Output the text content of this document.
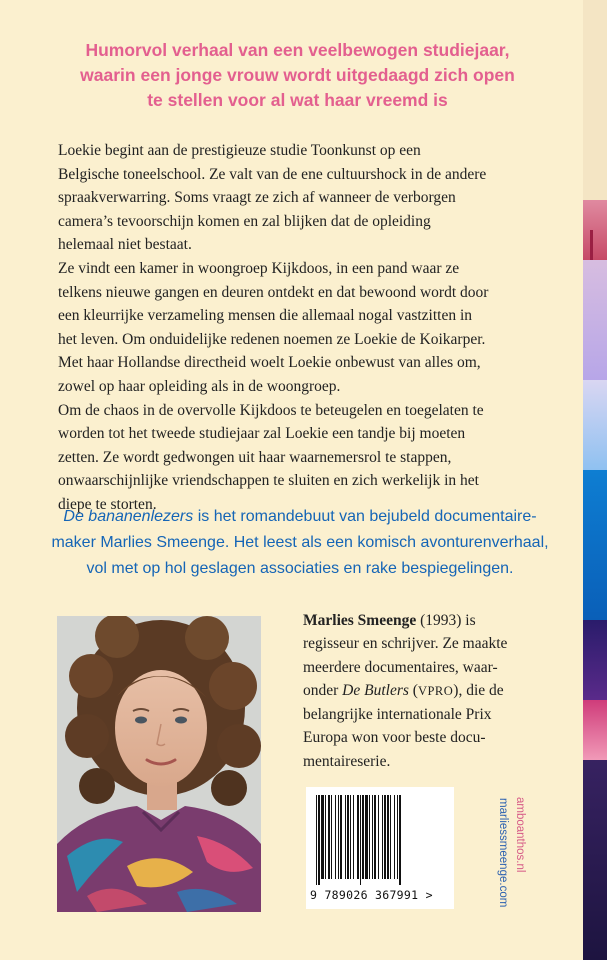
Humorvol verhaal van een veelbewogen studiejaar,
waarin een jonge vrouw wordt uitgedaagd zich open
te stellen voor al wat haar vreemd is
Loekie begint aan de prestigieuze studie Toonkunst op een
Belgische toneelschool. Ze valt van de ene cultuurshock in de andere
spraakverwarring. Soms vraagt ze zich af wanneer de verborgen
camera’s tevoorschijn komen en zal blijken dat de opleiding
helemaal niet bestaat.
Ze vindt een kamer in woongroep Kijkdoos, in een pand waar ze
telkens nieuwe gangen en deuren ontdekt en dat bewoond wordt door
een kleurrijke verzameling mensen die allemaal nogal vastzitten in
het leven. Om onduidelijke redenen noemen ze Loekie de Koikarper.
Met haar Hollandse directheid woelt Loekie onbewust van alles om,
zowel op haar opleiding als in de woongroep.
Om de chaos in de overvolle Kijkdoos te beteugelen en toegelaten te
worden tot het tweede studiejaar zal Loekie een tandje bij moeten
zetten. Ze wordt gedwongen uit haar waarnemersrol te stappen,
onwaarschijnlijke vriendschappen te sluiten en zich werkelijk in het
diepe te storten.
De bananenlezers is het romandebuut van bejubeld documentaire-
maker Marlies Smeenge. Het leest als een komisch avonturenverhaal,
vol met op hol geslagen associaties en rake bespiegelingen.
Marlies Smeenge (1993) is
regisseur en schrijver. Ze maakte
meerdere documentaires, waar-
onder De Butlers (VPRO), die de
belangrijke internationale Prix
Europa won voor beste docu-
mentaireserie.
9 789026 367991 >
amboanthos.nl
marliessmeenge.com
